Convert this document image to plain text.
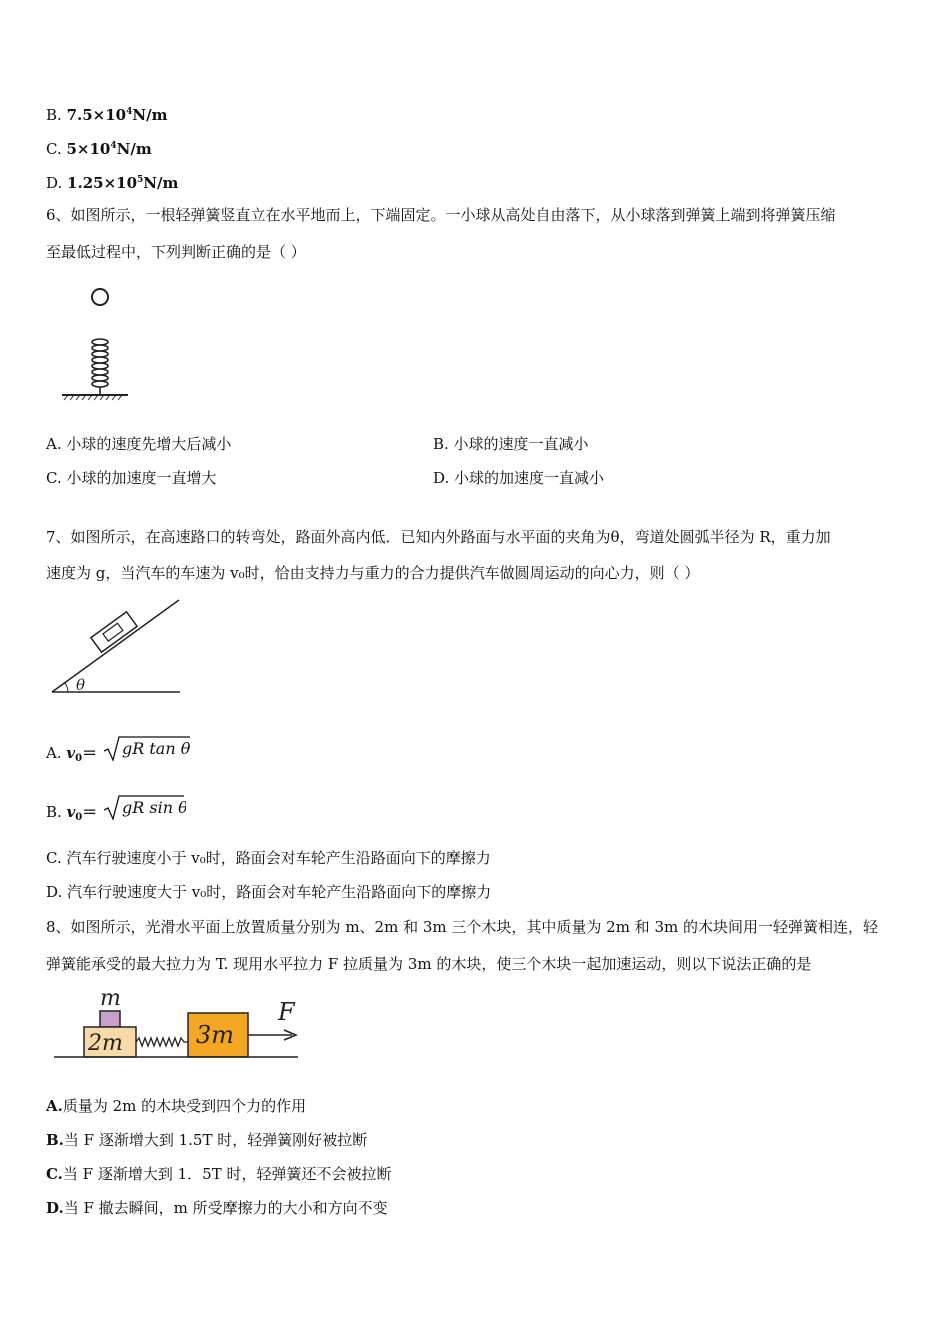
B. $7.5\times 10^4N/m$
C. $5\times 10^4N/m$
D. $1.25\times 10^5N/m$
6、如图所示，一根轻弹簧竖直立在水平地而上，下端固定。一小球从高处自由落下，从小球落到弹簧上端到将弹簧压缩
至最低过程中，下列判断正确的是（ ）
A. 小球的速度先增大后减小	B. 小球的速度一直减小
C. 小球的加速度一直增大	D. 小球的加速度一直减小
7、如图所示，在高速路口的转弯处，路面外高内低．已知内外路面与水平面的夹角为θ，弯道处圆弧半径为 R，重力加
速度为 g，当汽车的车速为 v₀时，恰由支持力与重力的合力提供汽车做圆周运动的向心力，则（ ）
θ
A. $v_0=$ gR tan θ
B. $v_0=$ gR sin θ
C. 汽车行驶速度小于 v₀时，路面会对车轮产生沿路面向下的摩擦力
D. 汽车行驶速度大于 v₀时，路面会对车轮产生沿路面向下的摩擦力
8、如图所示，光滑水平面上放置质量分别为 m、2m 和 3m 三个木块，其中质量为 2m 和 3m 的木块间用一轻弹簧相连，轻
弹簧能承受的最大拉力为 T. 现用水平拉力 F 拉质量为 3m 的木块，使三个木块一起加速运动，则以下说法正确的是
m
2m	3m
F
A.质量为 2m 的木块受到四个力的作用
B.当 F 逐渐增大到 1.5T 时，轻弹簧刚好被拉断
C.当 F 逐渐增大到 1．5T 时，轻弹簧还不会被拉断
D.当 F 撤去瞬间，m 所受摩擦力的大小和方向不变
